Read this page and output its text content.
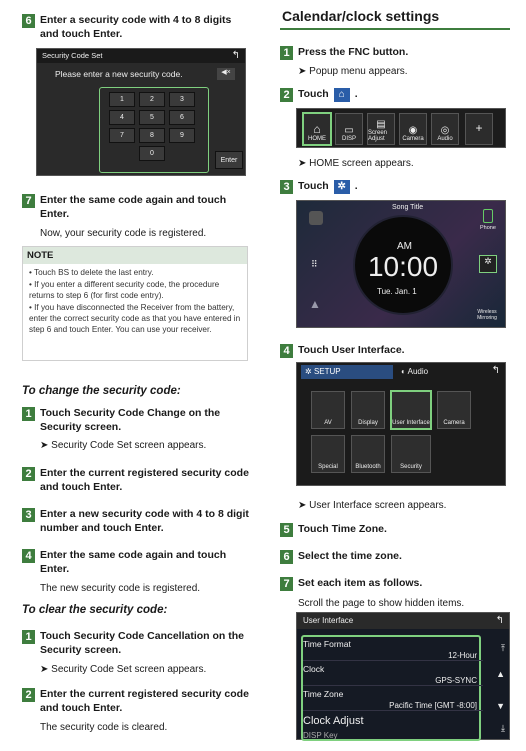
6 Enter a security code with 4 to 8 digits and touch Enter.
Security Code Set	↰
Please enter a new security code.	◀×
1	2	3
4	5	6
7	8	9
0
Enter
7 Enter the same code again and touch Enter.
Now, your security code is registered.
NOTE
• Touch BS to delete the last entry.
• If you enter a different security code, the procedure returns to step 6 (for first code entry).
• If you have disconnected the Receiver from the battery, enter the correct security code as that you have entered in step 6 and touch Enter. You can use your receiver.
To change the security code:
1 Touch Security Code Change on the Security screen.
➤ Security Code Set screen appears.
2 Enter the current registered security code and touch Enter.
3 Enter a new security code with 4 to 8 digit number and touch Enter.
4 Enter the same code again and touch Enter.
The new security code is registered.
To clear the security code:
1 Touch Security Code Cancellation on the Security screen.
➤ Security Code Set screen appears.
2 Enter the current registered security code and touch Enter.
The security code is cleared.
Calendar/clock settings
1 Press the FNC button.
➤ Popup menu appears.
2 Touch ⌂ .
⌂
HOME
▭
DISP
▤
Screen Adjust
◉
Camera
◎
Audio
+
➤ HOME screen appears.
3 Touch ✲ .
Song Title
AM
10:00
Tue. Jan. 1
⠿	✲
Phone
Wireless Mirroring
▲
4 Touch User Interface.
✲ SETUP	◐ Audio	↰
AV	Display User Interface Camera
Special	Bluetooth	Security
➤ User Interface screen appears.
5 Touch Time Zone.
6 Select the time zone.
7 Set each item as follows.
Scroll the page to show hidden items.
User Interface	↰
Time Format
12-Hour
Clock
GPS-SYNC
Time Zone
Pacific Time [GMT -8:00]
Clock Adjust
DISP Key
⤒
▲
▼
⤓
